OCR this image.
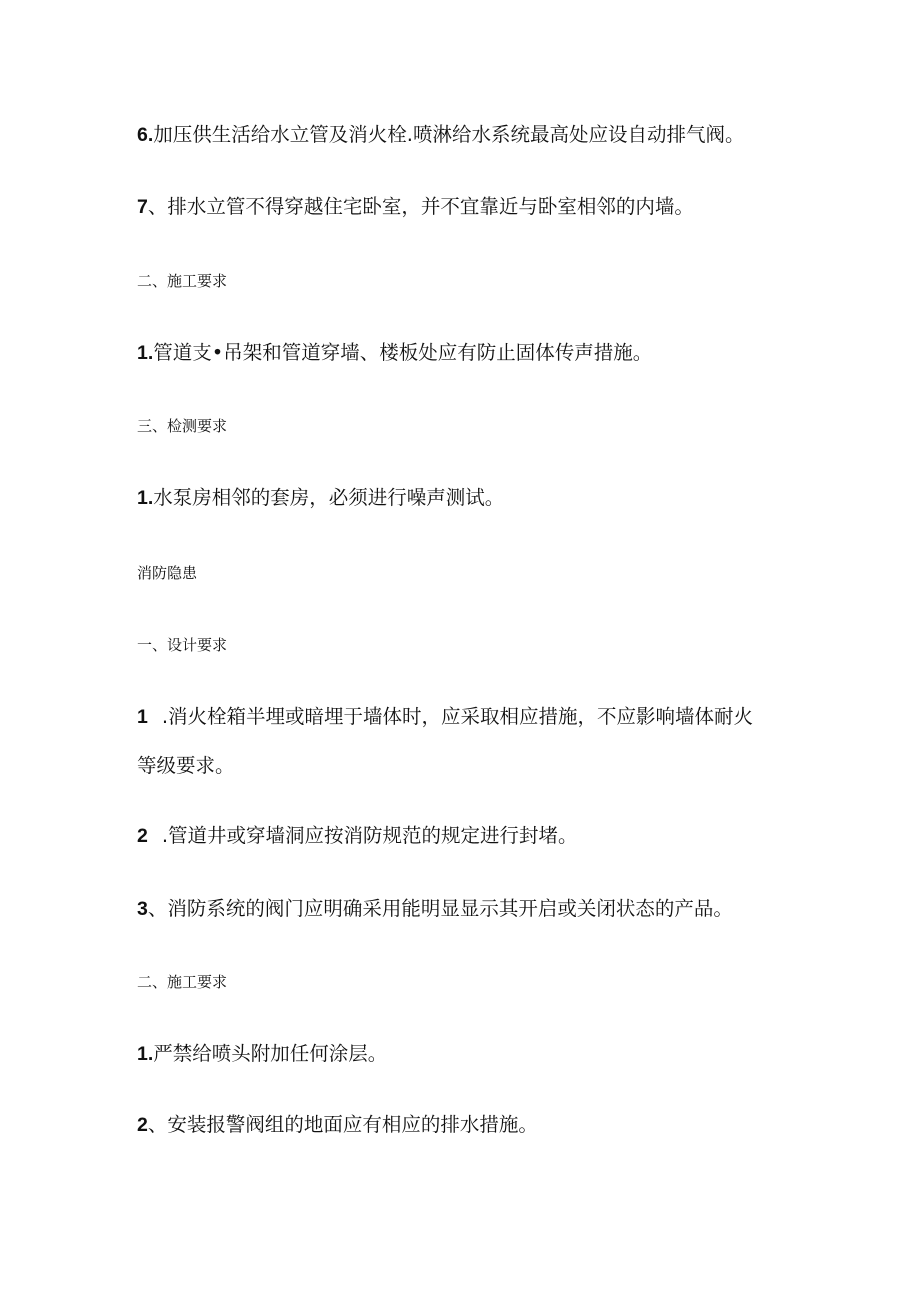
6.加压供生活给水立管及消火栓.喷淋给水系统最高处应设自动排气阀。
7、排水立管不得穿越住宅卧室，并不宜靠近与卧室相邻的内墙。
二、施工要求
1.管道支•吊架和管道穿墙、楼板处应有防止固体传声措施。
三、检测要求
1.水泵房相邻的套房，必须进行噪声测试。
消防隐患
一、设计要求
1 .消火栓箱半埋或暗埋于墙体时，应采取相应措施，不应影响墙体耐火
等级要求。
2 .管道井或穿墙洞应按消防规范的规定进行封堵。
3、消防系统的阀门应明确采用能明显显示其开启或关闭状态的产品。
二、施工要求
1.严禁给喷头附加任何涂层。
2、安装报警阀组的地面应有相应的排水措施。
